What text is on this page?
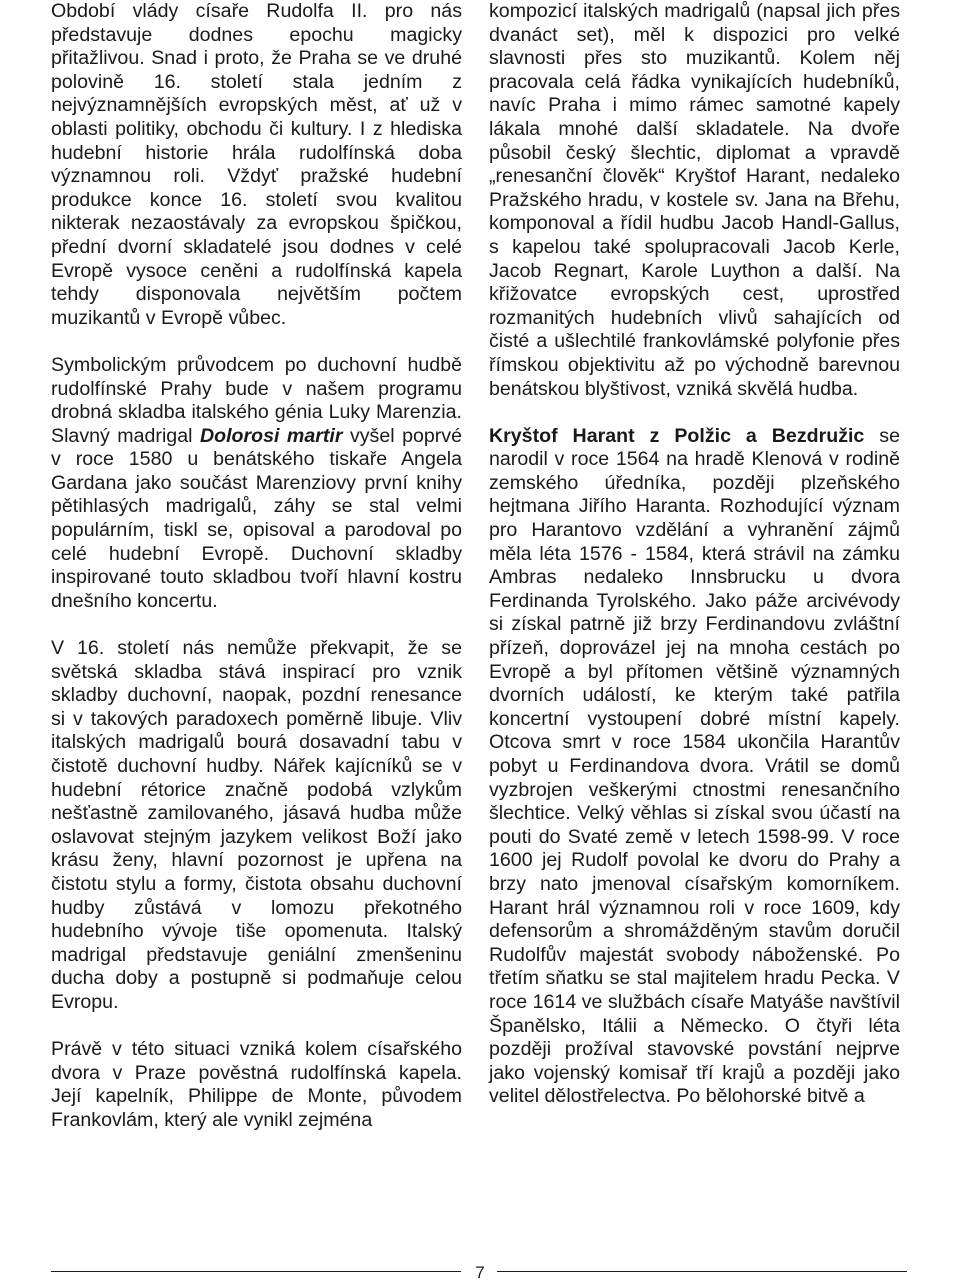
Období vlády císaře Rudolfa II. pro nás představuje dodnes epochu magicky přitažlivou. Snad i proto, že Praha se ve druhé polovině 16. století stala jedním z nejvýznamnějších evropských měst, ať už v oblasti politiky, obchodu či kultury. I z hlediska hudební historie hrála rudolfínská doba významnou roli. Vždyť pražské hudební produkce konce 16. století svou kvalitou nikterak nezaostávaly za evropskou špičkou, přední dvorní skladatelé jsou dodnes v celé Evropě vysoce ceněni a rudolfínská kapela tehdy disponovala největším počtem muzikantů v Evropě vůbec.

Symbolickým průvodcem po duchovní hudbě rudolfínské Prahy bude v našem programu drobná skladba italského génia Luky Marenzia. Slavný madrigal Dolorosi martir vyšel poprvé v roce 1580 u benátského tiskaře Angela Gardana jako součást Marenziovy první knihy pětihlasých madrigalů, záhy se stal velmi populárním, tiskl se, opisoval a parodoval po celé hudební Evropě. Duchovní skladby inspirované touto skladbou tvoří hlavní kostru dnešního koncertu.

V 16. století nás nemůže překvapit, že se světská skladba stává inspirací pro vznik skladby duchovní, naopak, pozdní renesance si v takových paradoxech poměrně libuje. Vliv italských madrigalů bourá dosavadní tabu v čistotě duchovní hudby. Nářek kajícníků se v hudební rétorice značně podobá vzlykům nešťastně zamilovaného, jásavá hudba může oslavovat stejným jazykem velikost Boží jako krásu ženy, hlavní pozornost je upřena na čistotu stylu a formy, čistota obsahu duchovní hudby zůstává v lomozu překotného hudebního vývoje tiše opomenuta. Italský madrigal představuje geniální zmenšeninu ducha doby a postupně si podmaňuje celou Evropu.

Právě v této situaci vzniká kolem císařského dvora v Praze pověstná rudolfínská kapela. Její kapelník, Philippe de Monte, původem Frankovlám, který ale vynikl zejména

kompozicí italských madrigalů (napsal jich přes dvanáct set), měl k dispozici pro velké slavnosti přes sto muzikantů. Kolem něj pracovala celá řádka vynikajících hudebníků, navíc Praha i mimo rámec samotné kapely lákala mnohé další skladatele. Na dvoře působil český šlechtic, diplomat a vpravdě „renesanční člověk“ Kryštof Harant, nedaleko Pražského hradu, v kostele sv. Jana na Břehu, komponoval a řídil hudbu Jacob Handl-Gallus, s kapelou také spolupracovali Jacob Kerle, Jacob Regnart, Karole Luython a další. Na křižovatce evropských cest, uprostřed rozmanitých hudebních vlivů sahajících od čisté a ušlechtilé frankovlámské polyfonie přes římskou objektivitu až po východně barevnou benátskou blyštivost, vzniká skvělá hudba.

Kryštof Harant z Polžic a Bezdružic se narodil v roce 1564 na hradě Klenová v rodině zemského úředníka, později plzeňského hejtmana Jiřího Haranta. Rozhodující význam pro Harantovo vzdělání a vyhranění zájmů měla léta 1576 - 1584, která strávil na zámku Ambras nedaleko Innsbrucku u dvora Ferdinanda Tyrolského. Jako páže arcivévody si získal patrně již brzy Ferdinandovu zvláštní přízeň, doprovázel jej na mnoha cestách po Evropě a byl přítomen většině významných dvorních událostí, ke kterým také patřila koncertní vystoupení dobré místní kapely. Otcova smrt v roce 1584 ukončila Harantův pobyt u Ferdinandova dvora. Vrátil se domů vyzbrojen veškerými ctnostmi renesančního šlechtice. Velký věhlas si získal svou účastí na pouti do Svaté země v letech 1598-99. V roce 1600 jej Rudolf povolal ke dvoru do Prahy a brzy nato jmenoval císařským komorníkem. Harant hrál významnou roli v roce 1609, kdy defensorům a shromážděným stavům doručil Rudolfův majestát svobody náboženské. Po třetím sňatku se stal majitelem hradu Pecka. V roce 1614 ve službách císaře Matyáše navštívil Španělsko, Itálii a Německo. O čtyři léta později prožíval stavovské povstání nejprve jako vojenský komisař tří krajů a později jako velitel dělostřelectva. Po bělohorské bitvě a

7
